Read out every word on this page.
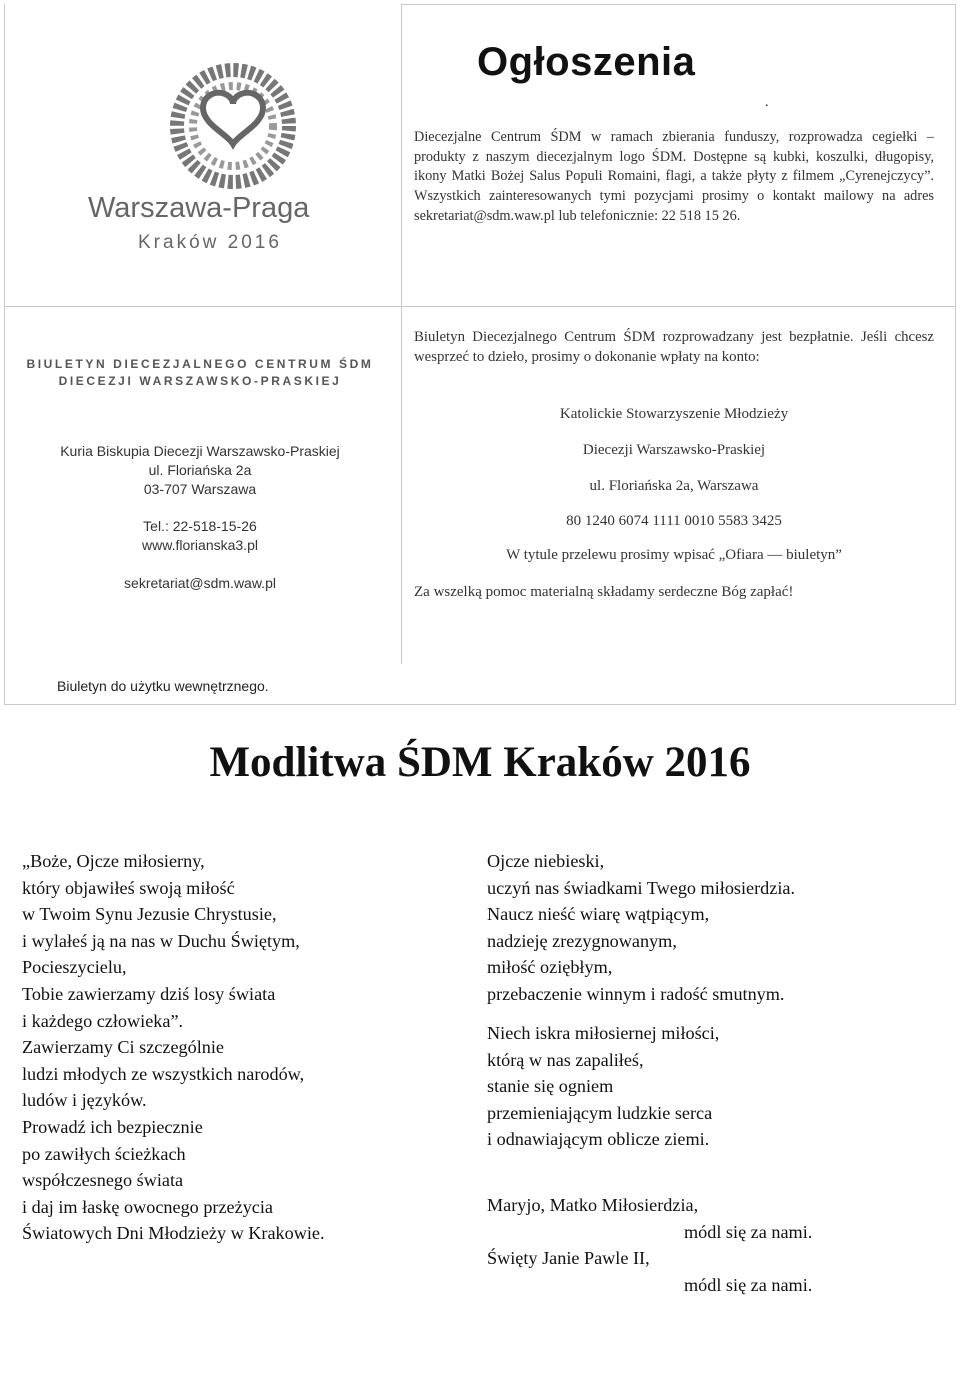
Warszawa-Praga
Kraków 2016
Ogłoszenia
.

Diecezjalne Centrum ŚDM w ramach zbierania funduszy, rozprowadza cegiełki – produkty z naszym diecezjalnym logo ŚDM. Dostępne są kubki, koszulki, długopisy, ikony Matki Bożej Salus Populi Romaini, flagi, a także płyty z filmem „Cyrenejczycy”. Wszystkich zainteresowanych tymi pozycjami prosimy o kontakt mailowy na adres sekretariat@sdm.waw.pl lub telefonicznie: 22 518 15 26.

BIULETYN DIECEZJALNEGO CENTRUM ŚDM
DIECEZJI WARSZAWSKO-PRASKIEJ
Kuria Biskupia Diecezji Warszawsko-Praskiej
ul. Floriańska 2a
03-707 Warszawa
Tel.: 22-518-15-26
www.florianska3.pl
sekretariat@sdm.waw.pl

Biuletyn Diecezjalnego Centrum ŚDM rozprowadzany jest bezpłatnie. Jeśli chcesz wesprzeć to dzieło, prosimy o dokonanie wpłaty na konto:

Katolickie Stowarzyszenie Młodzieży
Diecezji Warszawsko-Praskiej
ul. Floriańska 2a, Warszawa
80 1240 6074 1111 0010 5583 3425
W tytule przelewu prosimy wpisać „Ofiara — biuletyn”
Za wszelką pomoc materialną składamy serdeczne Bóg zapłać!
Biuletyn do użytku wewnętrznego.
Modlitwa ŚDM Kraków 2016
„Boże, Ojcze miłosierny,
który objawiłeś swoją miłość
w Twoim Synu Jezusie Chrystusie,
i wylałeś ją na nas w Duchu Świętym,
Pocieszycielu,
Tobie zawierzamy dziś losy świata
i każdego człowieka”.
Zawierzamy Ci szczególnie
ludzi młodych ze wszystkich narodów,
ludów i języków.
Prowadź ich bezpiecznie
po zawiłych ścieżkach
współczesnego świata
i daj im łaskę owocnego przeżycia
Światowych Dni Młodzieży w Krakowie.
Ojcze niebieski,
uczyń nas świadkami Twego miłosierdzia.
Naucz nieść wiarę wątpiącym,
nadzieję zrezygnowanym,
miłość oziębłym,
przebaczenie winnym i radość smutnym.
Niech iskra miłosiernej miłości,
którą w nas zapaliłeś,
stanie się ogniem
przemieniającym ludzkie serca
i odnawiającym oblicze ziemi.
Maryjo, Matko Miłosierdzia,
módl się za nami.
Święty Janie Pawle II,
módl się za nami.
